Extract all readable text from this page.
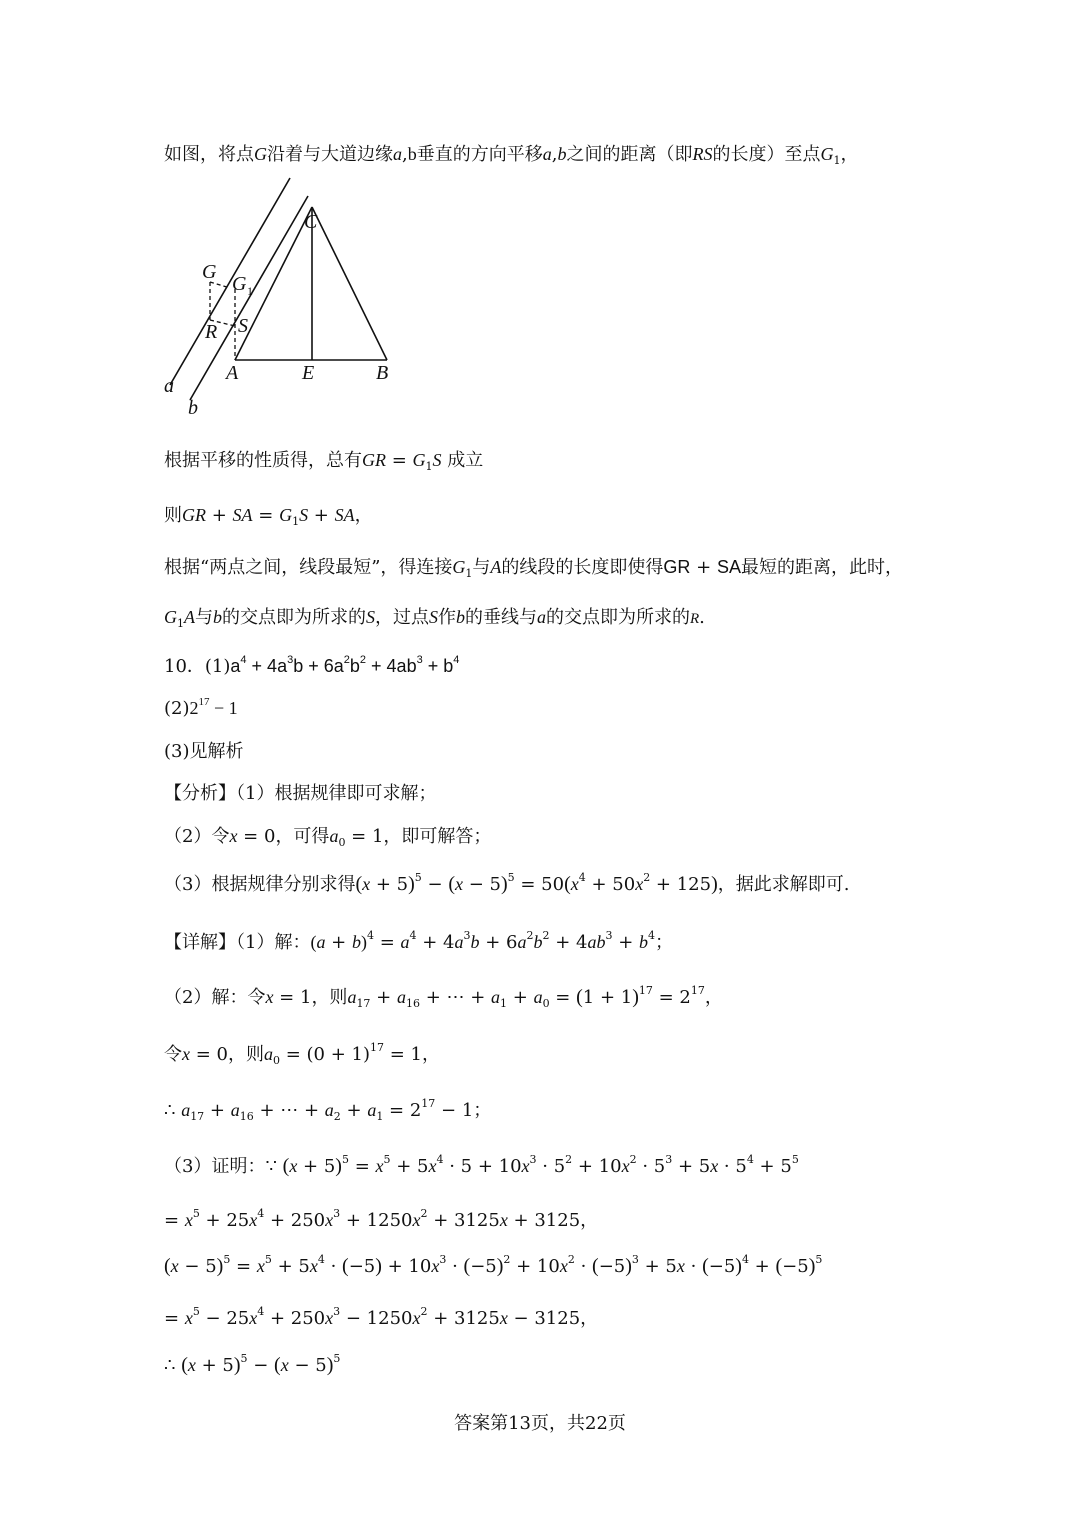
如图，将点G沿着与大道边缘a,b垂直的方向平移a,b之间的距离（即RS的长度）至点$G_1$，
C
G
G 1
R S
A	E	B
a
b
根据平移的性质得，总有GR = $G_1S$ 成立
则GR + SA = $G_1S$ + SA，
根据“两点之间，线段最短”，得连接$G_1$与A的线段的长度即使得GR + SA最短的距离，此时，
$G_1A$与b的交点即为所求的S，过点S作b的垂线与a的交点即为所求的R.
10．$(1)a^4 + 4a^3b + 6a^2b^2 + 4ab^3 + b^4$
$(2)2^{17} - 1$
(3)见解析
【分析】（1）根据规律即可求解；
（2）令x = 0，可得$a_0 = 1$，即可解答；
（3）根据规律分别求得$(x + 5)^5 - (x - 5)^5 = 50(x^4 + 50x^2 + 125)$，据此求解即可.
【详解】（1）解：$(a + b)^4 = a^4 + 4a^3b + 6a^2b^2 + 4ab^3 + b^4$；
（2）解：令x = 1，则$a_{17} + a_{16}$ + ⋯ + $a_1 + a_0 = (1 + 1)^{17} = 2^{17}$，
令x = 0，则$a_0 = (0 + 1)^{17} = 1$，
∴ $a_{17} + a_{16}$ + ⋯ + $a_2 + a_1 = 2^{17} - 1$；
（3）证明：∵ $(x + 5)^5 = x^5 + 5x^4 \cdot 5 + 10x^3 \cdot 5^2 + 10x^2 \cdot 5^3 + 5x \cdot 5^4 + 5^5$
= $x^5 + 25x^4 + 250x^3 + 1250x^2 + 3125x + 3125$，
$(x - 5)^5 = x^5 + 5x^4 \cdot (-5) + 10x^3 \cdot (-5)^2 + 10x^2 \cdot (-5)^3 + 5x \cdot (-5)^4 + (-5)^5$
= $x^5 - 25x^4 + 250x^3 - 1250x^2 + 3125x - 3125$，
∴ $(x + 5)^5 - (x - 5)^5$
答案第13页，共22页
